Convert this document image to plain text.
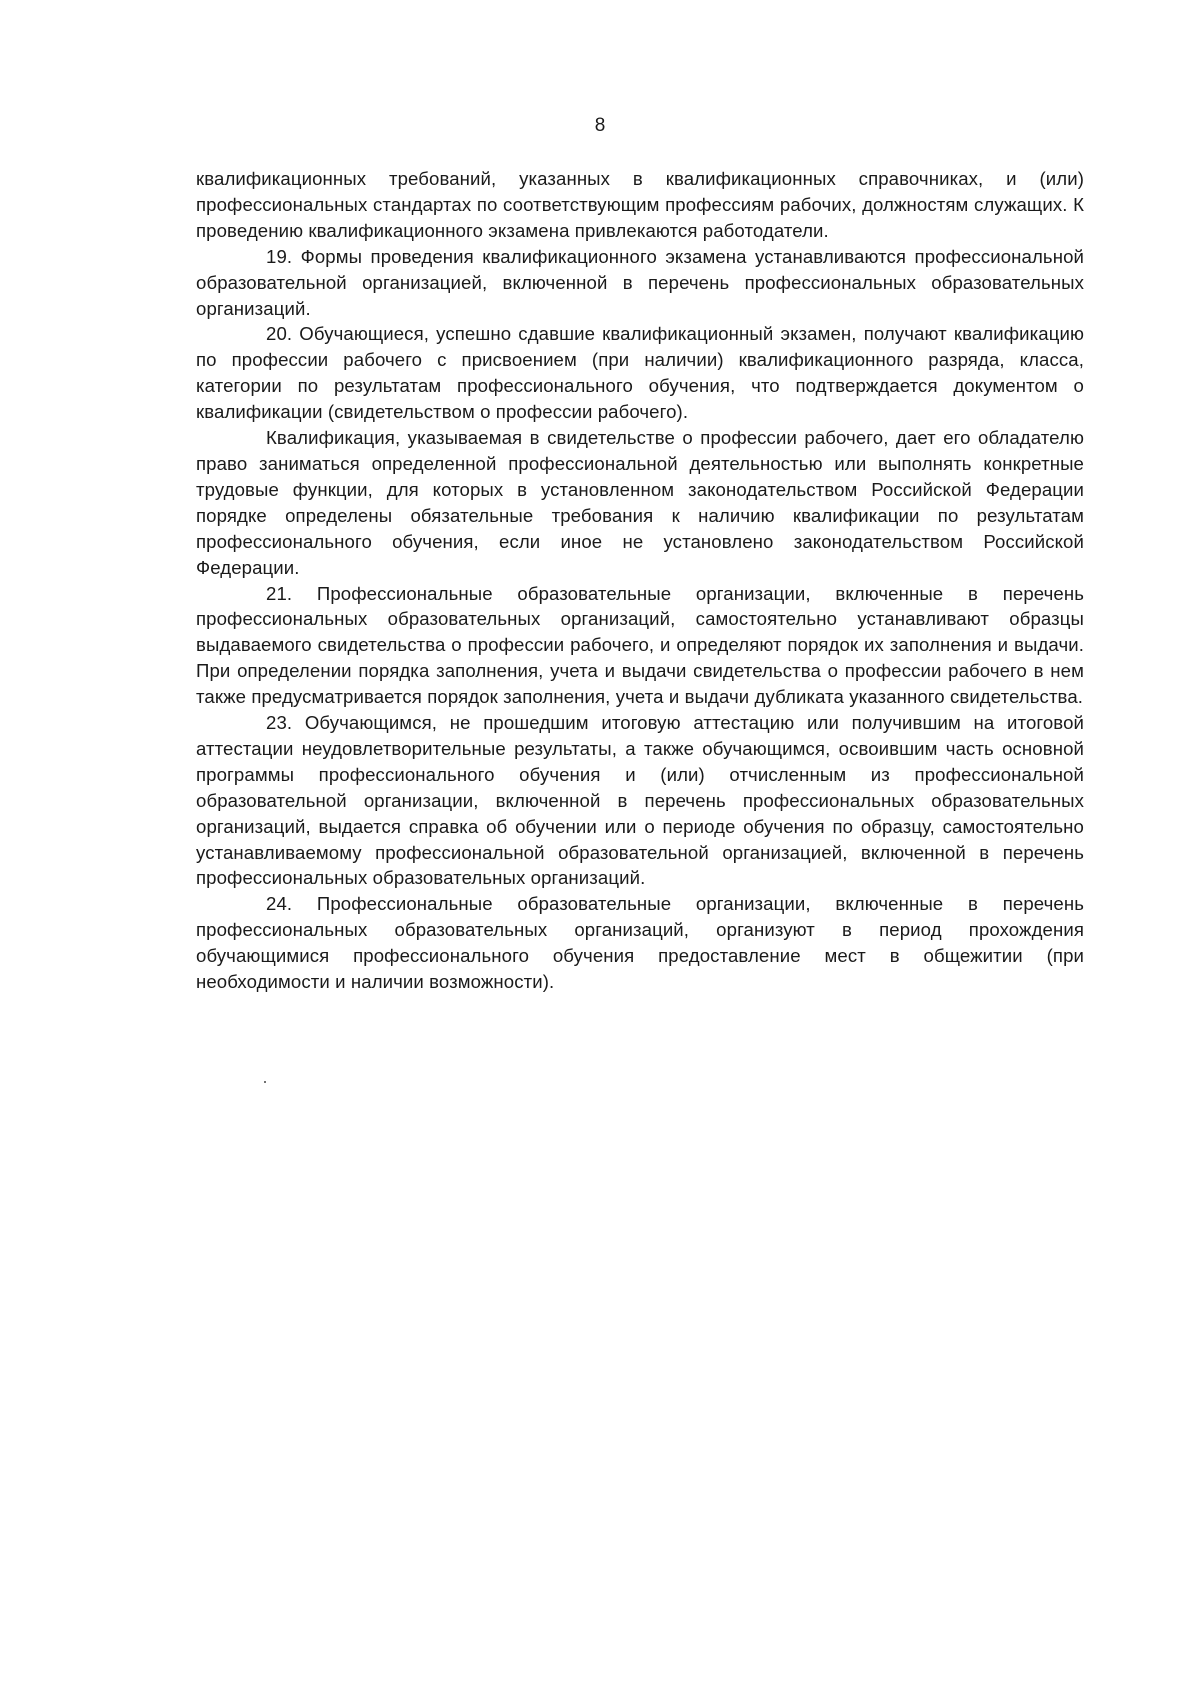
8

квалификационных требований, указанных в квалификационных справочниках, и (или) профессиональных стандартах по соответствующим профессиям рабочих, должностям служащих. К проведению квалификационного экзамена привлекаются работодатели.

19. Формы проведения квалификационного экзамена устанавливаются профессиональной образовательной организацией, включенной в перечень профессиональных образовательных организаций.

20. Обучающиеся, успешно сдавшие квалификационный экзамен, получают квалификацию по профессии рабочего с присвоением (при наличии) квалификационного разряда, класса, категории по результатам профессионального обучения, что подтверждается документом о квалификации (свидетельством о профессии рабочего).

Квалификация, указываемая в свидетельстве о профессии рабочего, дает его обладателю право заниматься определенной профессиональной деятельностью или выполнять конкретные трудовые функции, для которых в установленном законодательством Российской Федерации порядке определены обязательные требования к наличию квалификации по результатам профессионального обучения, если иное не установлено законодательством Российской Федерации.

21. Профессиональные образовательные организации, включенные в перечень профессиональных образовательных организаций, самостоятельно устанавливают образцы выдаваемого свидетельства о профессии рабочего, и определяют порядок их заполнения и выдачи. При определении порядка заполнения, учета и выдачи свидетельства о профессии рабочего в нем также предусматривается порядок заполнения, учета и выдачи дубликата указанного свидетельства.

23. Обучающимся, не прошедшим итоговую аттестацию или получившим на итоговой аттестации неудовлетворительные результаты, а также обучающимся, освоившим часть основной программы профессионального обучения и (или) отчисленным из профессиональной образовательной организации, включенной в перечень профессиональных образовательных организаций, выдается справка об обучении или о периоде обучения по образцу, самостоятельно устанавливаемому профессиональной образовательной организацией, включенной в перечень профессиональных образовательных организаций.

24. Профессиональные образовательные организации, включенные в перечень профессиональных образовательных организаций, организуют в период прохождения обучающимися профессионального обучения предоставление мест в общежитии (при необходимости и наличии возможности).
